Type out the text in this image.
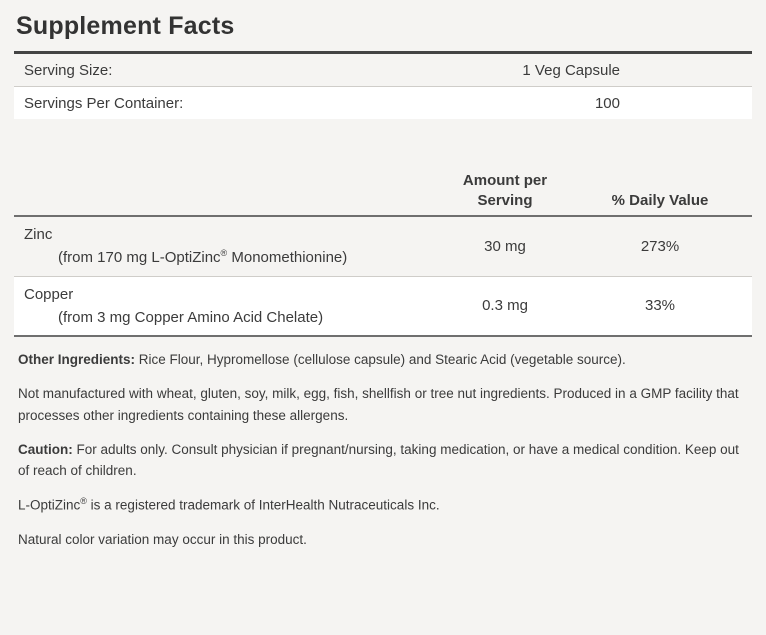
Supplement Facts
Serving Size:	1 Veg Capsule
Servings Per Container:	100
Amount per
Serving	% Daily Value
Zinc
(from 170 mg L-OptiZinc® Monomethionine)
30 mg	273%
Copper
(from 3 mg Copper Amino Acid Chelate)
0.3 mg	33%

Other Ingredients: Rice Flour, Hypromellose (cellulose capsule) and Stearic Acid (vegetable source).

Not manufactured with wheat, gluten, soy, milk, egg, fish, shellfish or tree nut ingredients. Produced in a GMP facility that processes other ingredients containing these allergens.

Caution: For adults only. Consult physician if pregnant/nursing, taking medication, or have a medical condition. Keep out of reach of children.

L-OptiZinc® is a registered trademark of InterHealth Nutraceuticals Inc.

Natural color variation may occur in this product.
